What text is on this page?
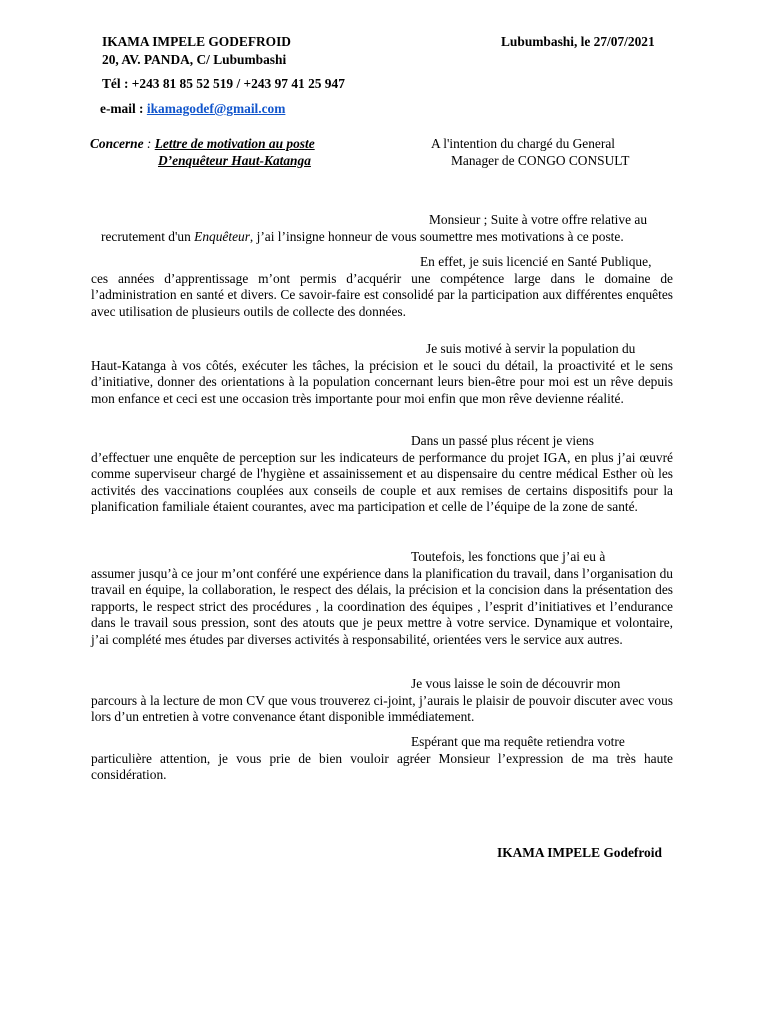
IKAMA IMPELE GODEFROID
20, AV. PANDA, C/ Lubumbashi
Tél : +243 81 85 52 519 / +243 97 41 25 947
e-mail : ikamagodef@gmail.com
Lubumbashi, le 27/07/2021
Concerne : Lettre de motivation au poste
D’enquêteur Haut-Katanga
A l'intention du chargé du General
Manager de CONGO CONSULT
Monsieur ; Suite à votre offre relative au
recrutement d'un Enquêteur, j’ai l’insigne honneur de vous soumettre mes motivations à ce poste.
En effet, je suis licencié en Santé Publique,

ces années d’apprentissage m’ont permis d’acquérir une compétence large dans le domaine de l’administration en santé et divers. Ce savoir-faire est consolidé par la participation aux différentes enquêtes avec utilisation de plusieurs outils de collecte des données.

Je suis motivé à servir la population du

Haut-Katanga à vos côtés, exécuter les tâches, la précision et le souci du détail, la proactivité et le sens d’initiative, donner des orientations à la population concernant leurs bien-être pour moi est un rêve depuis mon enfance et ceci est une occasion très importante pour moi enfin que mon rêve devienne réalité.

Dans un passé plus récent je viens

d’effectuer une enquête de perception sur les indicateurs de performance du projet IGA, en plus j’ai œuvré comme superviseur chargé de l'hygiène et assainissement et au dispensaire du centre médical Esther où les activités des vaccinations couplées aux conseils de couple et aux remises de certains dispositifs pour la planification familiale étaient courantes, avec ma participation et celle de l’équipe de la zone de santé.

Toutefois, les fonctions que j’ai eu à

assumer jusqu’à ce jour m’ont conféré une expérience dans la planification du travail, dans l’organisation du travail en équipe, la collaboration, le respect des délais, la précision et la concision dans la présentation des rapports, le respect strict des procédures , la coordination des équipes , l’esprit d’initiatives et l’endurance dans le travail sous pression, sont des atouts que je peux mettre à votre service. Dynamique et volontaire, j’ai complété mes études par diverses activités à responsabilité, orientées vers le service aux autres.

Je vous laisse le soin de découvrir mon

parcours à la lecture de mon CV que vous trouverez ci-joint, j’aurais le plaisir de pouvoir discuter avec vous lors d’un entretien à votre convenance étant disponible immédiatement.

Espérant que ma requête retiendra votre

particulière attention, je vous prie de bien vouloir agréer Monsieur l’expression de ma très haute considération.

IKAMA IMPELE Godefroid
